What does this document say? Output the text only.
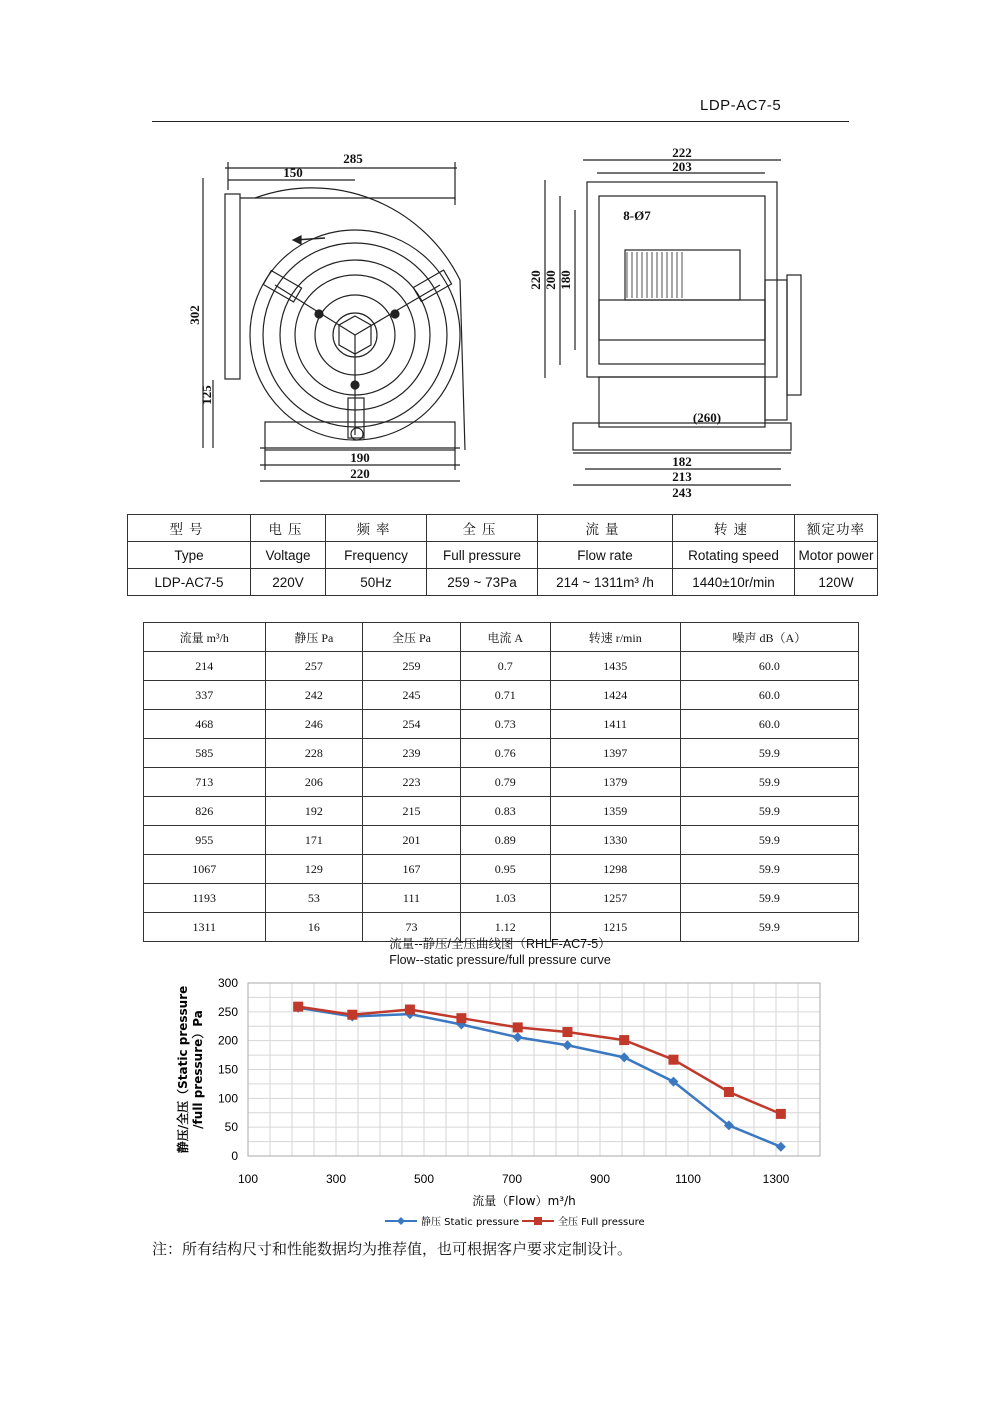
LDP-AC7-5
285
150
302
125
190
220
222
203
8-Ø7
220 200 180
(260)
182
213
243
型号	电压	频率	全压	流量	转速	额定功率
Type	Voltage	Frequency	Full pressure	Flow rate	Rotating speed	Motor power
LDP-AC7-5	220V	50Hz	259 ~ 73Pa	214 ~ 1311m³ /h	1440±10r/min	120W
流量 m³/h	静压 Pa	全压 Pa	电流 A	转速 r/min	噪声 dB（A）
214	257	259	0.7	1435	60.0
337	242	245	0.71	1424	60.0
468	246	254	0.73	1411	60.0
585	228	239	0.76	1397	59.9
713	206	223	0.79	1379	59.9
826	192	215	0.83	1359	59.9
955	171	201	0.89	1330	59.9
1067	129	167	0.95	1298	59.9
1193	53	111	1.03	1257	59.9
1311	16	73	1.12	1215	59.9
流量--静压/全压曲线图（RHLF-AC7-5）
Flow--static pressure/full pressure curve
0
50
100
150
200
250
300
100	300	500	700	900	1100	1300
流量（Flow）m³/h
静压/全压（Static pressure /full pressure）Pa
静压 Static pressure	全压 Full pressure
注：所有结构尺寸和性能数据均为推荐值，也可根据客户要求定制设计。
